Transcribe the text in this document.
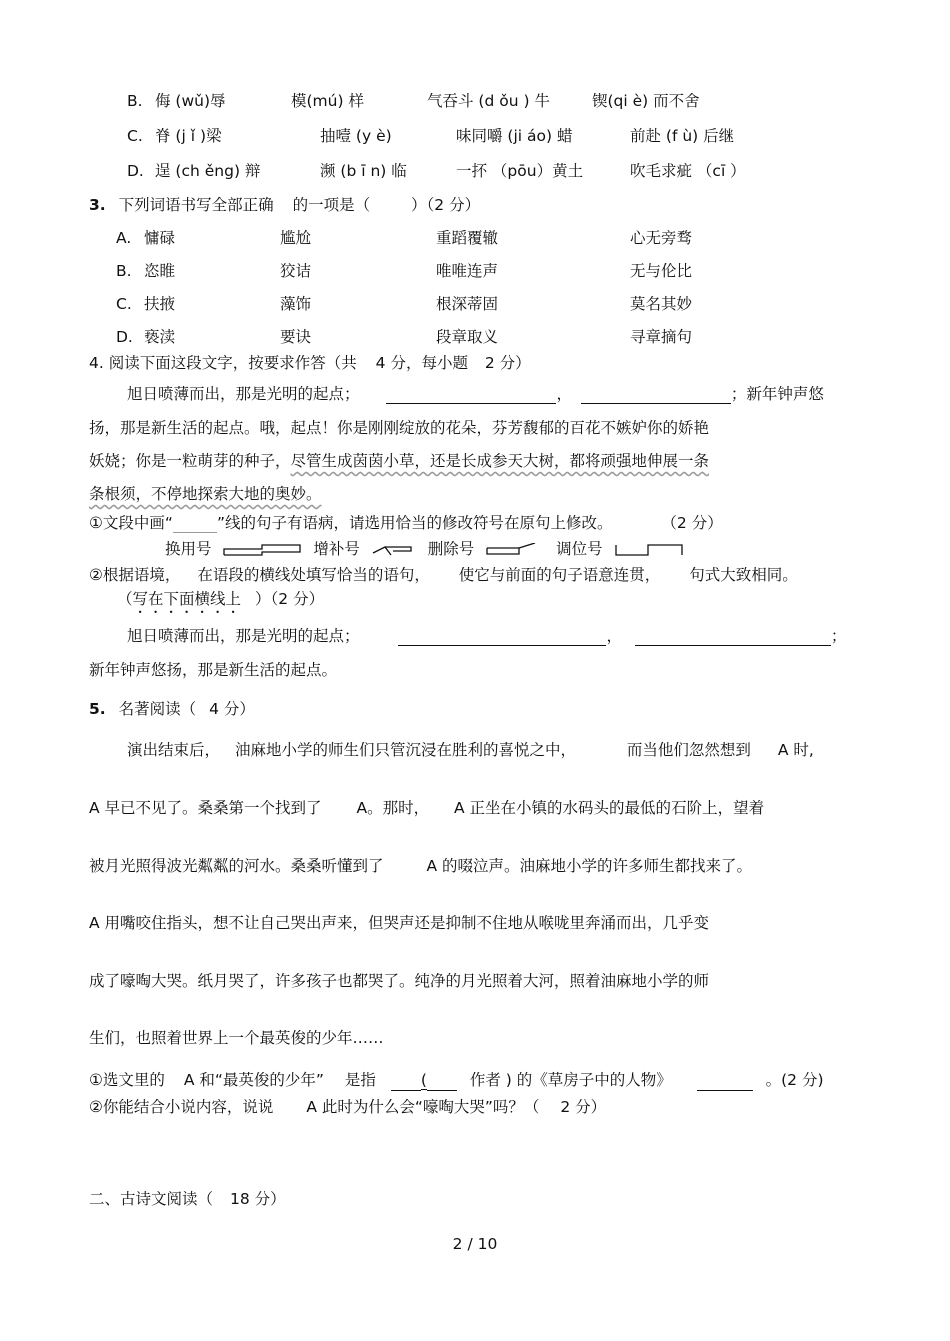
B. 侮 (wǔ)辱	模(mú) 样	气吞斗 (d ǒu ) 牛	锲(qi è) 而不舍
C. 脊 (j ǐ )梁	抽噎 (y è)	味同嚼 (ji áo) 蜡	前赴 (f ù) 后继
D. 逞 (ch ěng) 辩	濒 (b ī n) 临	一抔 （pōu）黄土	吹毛求疵 （cī ）
3. 下列词语书写全部正确 的一项是（	）（2 分）
A. 慵碌	尴尬	重蹈覆辙	心无旁骛
B. 恣睢	狡诘	唯唯连声	无与伦比
C. 扶掖	藻饰	根深蒂固	莫名其妙
D. 亵渎	要诀	段章取义	寻章摘句
4. 阅读下面这段文字，按要求作答（共 4 分，每小题 2 分）
旭日喷薄而出，那是光明的起点；	，	；新年钟声悠
扬，那是新生活的起点。哦，起点！你是刚刚绽放的花朵，芬芳馥郁的百花不嫉妒你的娇艳
妖娆；你是一粒萌芽的种子，尽管生成茵茵小草，还是长成参天大树，都将顽强地伸展一条
条根须，不停地探索大地的奥妙。
①文段中画“	”线的句子有语病，请选用恰当的修改符号在原句上修改。	（2 分）
换用号	增补号	删除号	调位号
②根据语境， 在语段的横线处填写恰当的语句， 使它与前面的句子语意连贯， 句式大致相同。
（写在下面横线上 ）（2 分）
旭日喷薄而出，那是光明的起点；	，	；
新年钟声悠扬，那是新生活的起点。
5. 名著阅读（ 4 分）
演出结束后， 油麻地小学的师生们只管沉浸在胜利的喜悦之中，	而当他们忽然想到 A 时,
A 早已不见了。桑桑第一个找到了 A。那时， A 正坐在小镇的水码头的最低的石阶上，望着
被月光照得波光粼粼的河水。桑桑听懂到了	A 的啜泣声。油麻地小学的许多师生都找来了。
A 用嘴咬住指头，想不让自己哭出声来，但哭声还是抑制不住地从喉咙里奔涌而出，几乎变
成了嚎啕大哭。纸月哭了，许多孩子也都哭了。纯净的月光照着大河，照着油麻地小学的师
生们，也照着世界上一个最英俊的少年……
①选文里的 A 和“最英俊的少年” 是指	(	作者 ) 的《草房子中的人物》	。(2 分)
②你能结合小说内容，说说 A 此时为什么会“嚎啕大哭”吗？（ 2 分）
二、古诗文阅读（ 18 分）
2 / 10
